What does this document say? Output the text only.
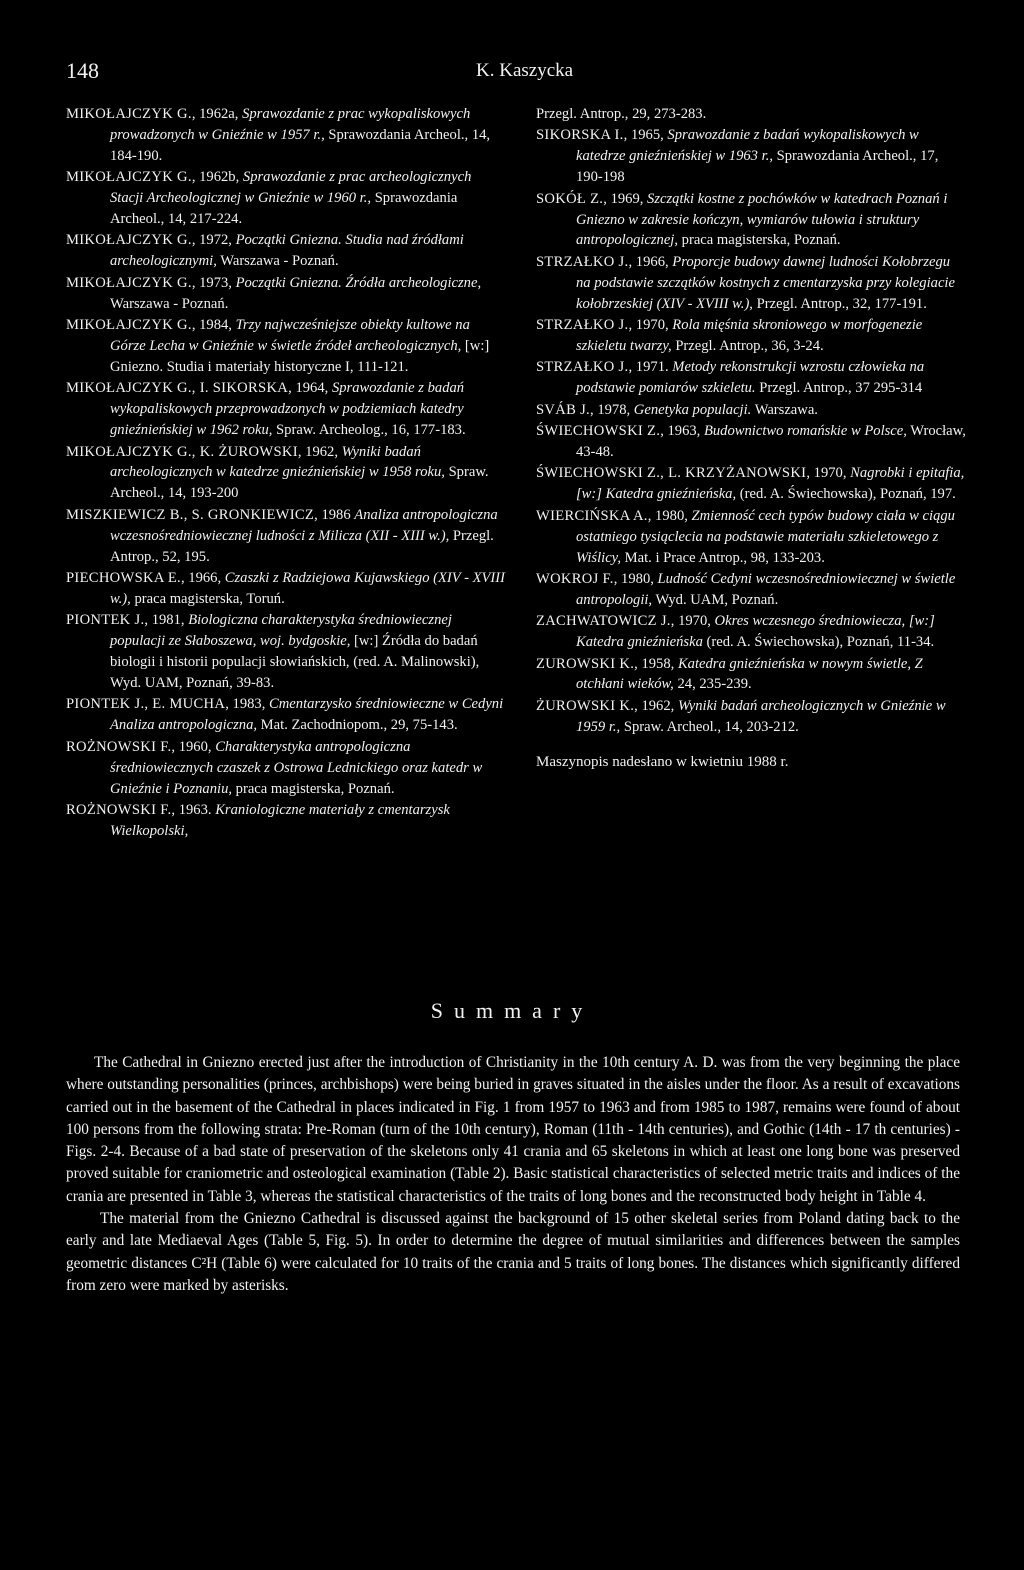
148	K. Kaszycka
MIKOŁAJCZYK G., 1962a, Sprawozdanie z prac wykopaliskowych prowadzonych w Gnieźnie w 1957 r., Sprawozdania Archeol., 14, 184-190.
MIKOŁAJCZYK G., 1962b, Sprawozdanie z prac archeologicznych Stacji Archeologicznej w Gnieźnie w 1960 r., Sprawozdania Archeol., 14, 217-224.
MIKOŁAJCZYK G., 1972, Początki Gniezna. Studia nad źródłami archeologicznymi, Warszawa - Poznań.
MIKOŁAJCZYK G., 1973, Początki Gniezna. Źródła archeologiczne, Warszawa - Poznań.
MIKOŁAJCZYK G., 1984, Trzy najwcześniejsze obiekty kultowe na Górze Lecha w Gnieźnie w świetle źródeł archeologicznych, [w:] Gniezno. Studia i materiały historyczne I, 111-121.
MIKOŁAJCZYK G., I. SIKORSKA, 1964, Sprawozdanie z badań wykopaliskowych przeprowadzonych w podziemiach katedry gnieźnieńskiej w 1962 roku, Spraw. Archeolog., 16, 177-183.
MIKOŁAJCZYK G., K. ŻUROWSKI, 1962, Wyniki badań archeologicznych w katedrze gnieźnieńskiej w 1958 roku, Spraw. Archeol., 14, 193-200
MISZKIEWICZ B., S. GRONKIEWICZ, 1986 Analiza antropologiczna wczesnośredniowiecznej ludności z Milicza (XII - XIII w.), Przegl. Antrop., 52, 195.
PIECHOWSKA E., 1966, Czaszki z Radziejowa Kujawskiego (XIV - XVIII w.), praca magisterska, Toruń.
PIONTEK J., 1981, Biologiczna charakterystyka średniowiecznej populacji ze Słaboszewa, woj. bydgoskie, [w:] Źródła do badań biologii i historii populacji słowiańskich, (red. A. Malinowski), Wyd. UAM, Poznań, 39-83.
PIONTEK J., E. MUCHA, 1983, Cmentarzysko średniowieczne w Cedyni Analiza antropologiczna, Mat. Zachodniopom., 29, 75-143.
ROŻNOWSKI F., 1960, Charakterystyka antropologiczna średniowiecznych czaszek z Ostrowa Lednickiego oraz katedr w Gnieźnie i Poznaniu, praca magisterska, Poznań.
ROŻNOWSKI F., 1963. Kraniologiczne materiały z cmentarzysk Wielkopolski,
Przegl. Antrop., 29, 273-283.
SIKORSKA I., 1965, Sprawozdanie z badań wykopaliskowych w katedrze gnieźnieńskiej w 1963 r., Sprawozdania Archeol., 17, 190-198
SOKÓŁ Z., 1969, Szczątki kostne z pochówków w katedrach Poznań i Gniezno w zakresie kończyn, wymiarów tułowia i struktury antropologicznej, praca magisterska, Poznań.
STRZAŁKO J., 1966, Proporcje budowy dawnej ludności Kołobrzegu na podstawie szczątków kostnych z cmentarzyska przy kolegiacie kołobrzeskiej (XIV - XVIII w.), Przegl. Antrop., 32, 177-191.
STRZAŁKO J., 1970, Rola mięśnia skroniowego w morfogenezie szkieletu twarzy, Przegl. Antrop., 36, 3-24.
STRZAŁKO J., 1971. Metody rekonstrukcji wzrostu człowieka na podstawie pomiarów szkieletu. Przegl. Antrop., 37 295-314
SVÁB J., 1978, Genetyka populacji. Warszawa.
ŚWIECHOWSKI Z., 1963, Budownictwo romańskie w Polsce, Wrocław, 43-48.
ŚWIECHOWSKI Z., L. KRZYŻANOWSKI, 1970, Nagrobki i epitafia, [w:] Katedra gnieźnieńska, (red. A. Świechowska), Poznań, 197.
WIERCIŃSKA A., 1980, Zmienność cech typów budowy ciała w ciągu ostatniego tysiąclecia na podstawie materiału szkieletowego z Wiślicy, Mat. i Prace Antrop., 98, 133-203.
WOKROJ F., 1980, Ludność Cedyni wczesnośredniowiecznej w świetle antropologii, Wyd. UAM, Poznań.
ZACHWATOWICZ J., 1970, Okres wczesnego średniowiecza, [w:] Katedra gnieźnieńska (red. A. Świechowska), Poznań, 11-34.
ZUROWSKI K., 1958, Katedra gnieźnieńska w nowym świetle, Z otchłani wieków, 24, 235-239.
ŻUROWSKI K., 1962, Wyniki badań archeologicznych w Gnieźnie w 1959 r., Spraw. Archeol., 14, 203-212.
Maszynopis nadesłano w kwietniu 1988 r.
Summary

The Cathedral in Gniezno erected just after the introduction of Christianity in the 10th century A. D. was from the very beginning the place where outstanding personalities (princes, archbishops) were being buried in graves situated in the aisles under the floor. As a result of excavations carried out in the basement of the Cathedral in places indicated in Fig. 1 from 1957 to 1963 and from 1985 to 1987, remains were found of about 100 persons from the following strata: Pre-Roman (turn of the 10th century), Roman (11th - 14th centuries), and Gothic (14th - 17 th centuries) - Figs. 2-4. Because of a bad state of preservation of the skeletons only 41 crania and 65 skeletons in which at least one long bone was preserved proved suitable for craniometric and osteological examination (Table 2). Basic statistical characteristics of selected metric traits and indices of the crania are presented in Table 3, whereas the statistical characteristics of the traits of long bones and the reconstructed body height in Table 4.

The material from the Gniezno Cathedral is discussed against the background of 15 other skeletal series from Poland dating back to the early and late Mediaeval Ages (Table 5, Fig. 5). In order to determine the degree of mutual similarities and differences between the samples geometric distances C²H (Table 6) were calculated for 10 traits of the crania and 5 traits of long bones. The distances which significantly differed from zero were marked by asterisks.
